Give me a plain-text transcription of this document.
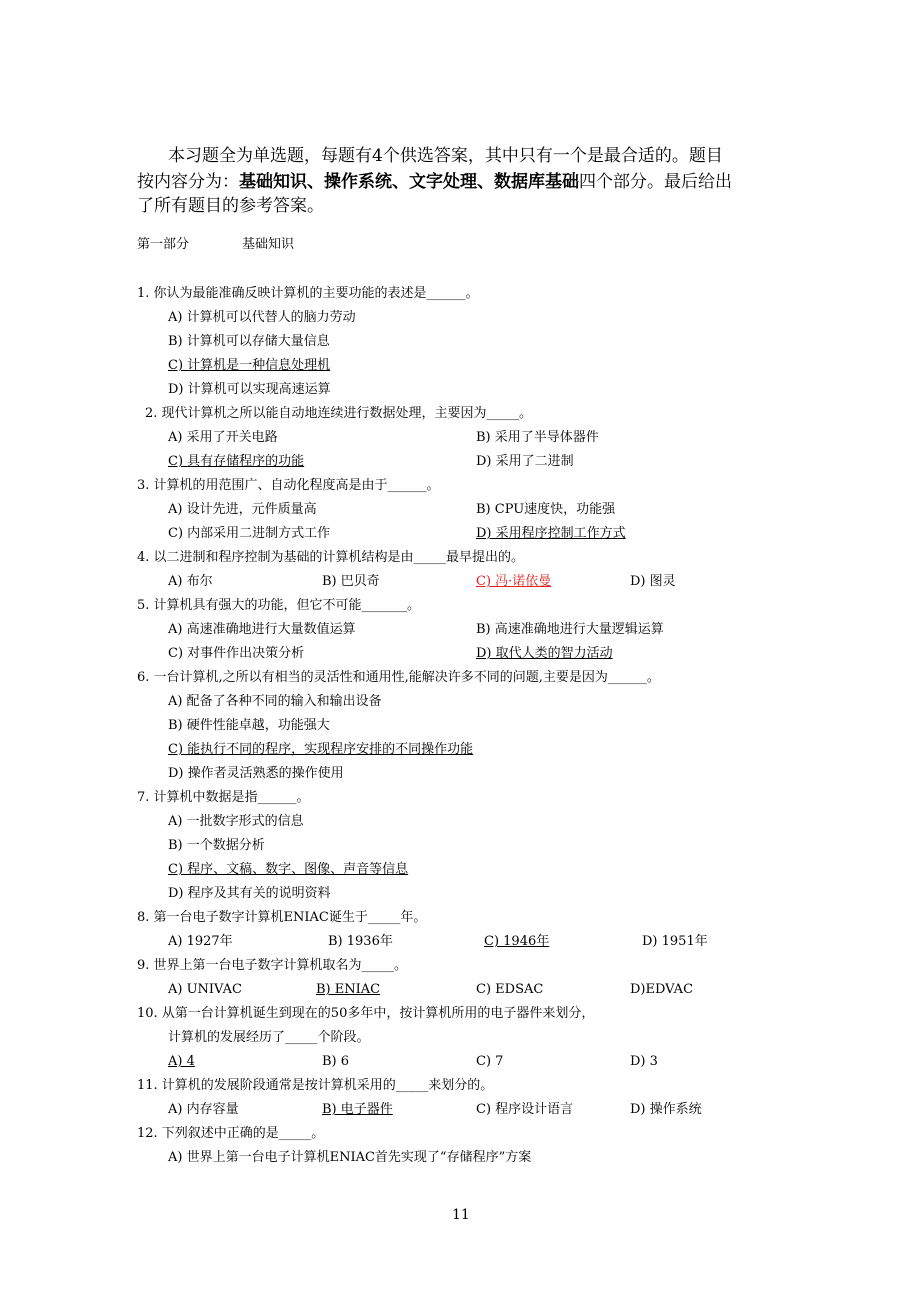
本习题全为单选题，每题有4个供选答案，其中只有一个是最合适的。题目
按内容分为：基础知识、操作系统、文字处理、数据库基础四个部分。最后给出
了所有题目的参考答案。
第一部分	基础知识
1. 你认为最能准确反映计算机的主要功能的表述是______。
A) 计算机可以代替人的脑力劳动
B) 计算机可以存储大量信息
C) 计算机是一种信息处理机
D) 计算机可以实现高速运算
2. 现代计算机之所以能自动地连续进行数据处理，主要因为_____。
A) 采用了开关电路	B) 采用了半导体器件
C) 具有存储程序的功能	D) 采用了二进制
3. 计算机的用范围广、自动化程度高是由于______。
A) 设计先进，元件质量高	B) CPU速度快，功能强
C) 内部采用二进制方式工作	D) 采用程序控制工作方式
4. 以二进制和程序控制为基础的计算机结构是由_____最早提出的。
A) 布尔	B) 巴贝奇	C) 冯·诺依曼	D) 图灵
5. 计算机具有强大的功能，但它不可能_______。
A) 高速准确地进行大量数值运算	B) 高速准确地进行大量逻辑运算
C) 对事件作出决策分析	D) 取代人类的智力活动
6. 一台计算机,之所以有相当的灵活性和通用性,能解决许多不同的问题,主要是因为______。
A) 配备了各种不同的输入和输出设备
B) 硬件性能卓越，功能强大
C) 能执行不同的程序，实现程序安排的不同操作功能
D) 操作者灵活熟悉的操作使用
7. 计算机中数据是指______。
A) 一批数字形式的信息
B) 一个数据分析
C) 程序、文稿、数字、图像、声音等信息
D) 程序及其有关的说明资料
8. 第一台电子数字计算机ENIAC诞生于_____年。
A) 1927年	B) 1936年	C) 1946年	D) 1951年
9. 世界上第一台电子数字计算机取名为_____。
A) UNIVAC	B) ENIAC	C) EDSAC	D)EDVAC
10. 从第一台计算机诞生到现在的50多年中，按计算机所用的电子器件来划分，
计算机的发展经历了_____个阶段。
A) 4	B) 6	C) 7	D) 3
11. 计算机的发展阶段通常是按计算机采用的_____来划分的。
A) 内存容量	B) 电子器件	C) 程序设计语言	D) 操作系统
12. 下列叙述中正确的是_____。
A) 世界上第一台电子计算机ENIAC首先实现了“存储程序”方案
11
